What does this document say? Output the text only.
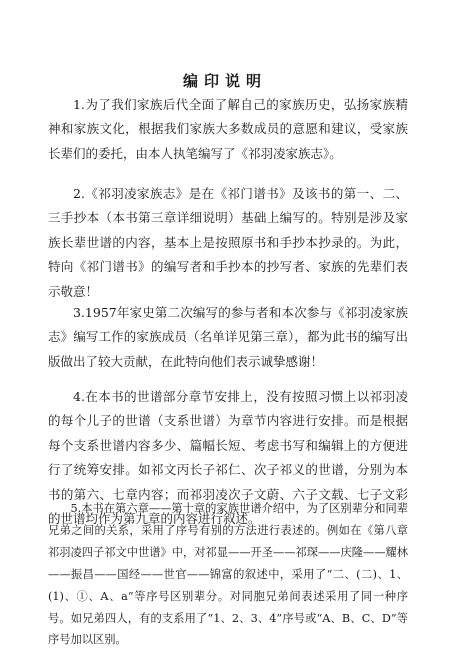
编印说明

1.为了我们家族后代全面了解自己的家族历史，弘扬家族精神和家族文化，根据我们家族大多数成员的意愿和建议，受家族长辈们的委托，由本人执笔编写了《祁羽凌家族志》。

2.《祁羽凌家族志》是在《祁门谱书》及该书的第一、二、三手抄本（本书第三章详细说明）基础上编写的。特别是涉及家族长辈世谱的内容，基本上是按照原书和手抄本抄录的。为此，特向《祁门谱书》的编写者和手抄本的抄写者、家族的先辈们表示敬意！

3.1957年家史第二次编写的参与者和本次参与《祁羽凌家族志》编写工作的家族成员（名单详见第三章），都为此书的编写出版做出了较大贡献，在此特向他们表示诚挚感谢！

4.在本书的世谱部分章节安排上，没有按照习惯上以祁羽凌的每个儿子的世谱（支系世谱）为章节内容进行安排。而是根据每个支系世谱内容多少、篇幅长短、考虑书写和编辑上的方便进行了统筹安排。如祁文丙长子祁仁、次子祁义的世谱，分别为本书的第六、七章内容；而祁羽凌次子文蔚、六子文载、七子文彩的世谱均作为第九章的内容进行叙述。

5.本书在第六章——第十章的家族世谱介绍中，为了区别辈分和同辈兄弟之间的关系，采用了序号有别的方法进行表述的。例如在《第八章　祁羽凌四子祁文中世谱》中，对祁显——开圣——祁琛——庆隆——耀林——振昌——国经——世官——锦富的叙述中，采用了“二、(二)、1、(1)、①、A、a”等序号区别辈分。对同胞兄弟间表述采用了同一种序号。如兄弟四人，有的支系用了“1、2、3、4”序号或“A、B、C、D”等序号加以区别。
